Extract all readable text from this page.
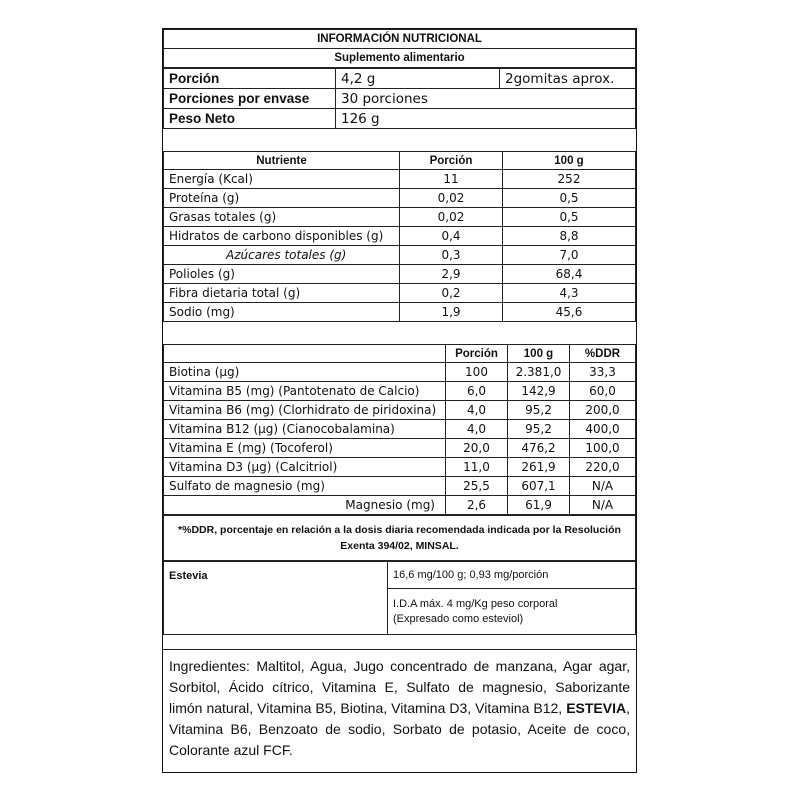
INFORMACIÓN NUTRICIONAL
Suplemento alimentario
Porción	4,2 g	2gomitas aprox.
Porciones por envase	30 porciones	
Peso Neto	126 g	
Nutriente	Porción	100 g
Energía (Kcal)	11	252
Proteína (g)	0,02	0,5
Grasas totales (g)	0,02	0,5
Hidratos de carbono disponibles (g)	0,4	8,8
Azúcares totales (g)	0,3	7,0
Polioles (g)	2,9	68,4
Fibra dietaria total (g)	0,2	4,3
Sodio (mg)	1,9	45,6
	Porción	100 g	%DDR
Biotina (µg)	100	2.381,0	33,3
Vitamina B5 (mg) (Pantotenato de Calcio)	6,0	142,9	60,0
Vitamina B6 (mg) (Clorhidrato de piridoxina)	4,0	95,2	200,0
Vitamina B12 (µg) (Cianocobalamina)	4,0	95,2	400,0
Vitamina E (mg) (Tocoferol)	20,0	476,2	100,0
Vitamina D3 (µg) (Calcitriol)	11,0	261,9	220,0
Sulfato de magnesio (mg)	25,5	607,1	N/A
Magnesio (mg)	2,6	61,9	N/A
*%DDR, porcentaje en relación a la dosis diaria recomendada indicada por la Resolución
Exenta 394/02, MINSAL.
Estevia	16,6 mg/100 g; 0,93 mg/porción
I.D.A máx. 4 mg/Kg peso corporal
(Expresado como esteviol)
Ingredientes: Maltitol, Agua, Jugo concentrado de manzana, Agar agar, Sorbitol, Ácido cítrico, Vitamina E, Sulfato de magnesio, Saborizante limón natural, Vitamina B5, Biotina, Vitamina D3, Vitamina B12, ESTEVIA, Vitamina B6, Benzoato de sodio, Sorbato de potasio, Aceite de coco, Colorante azul FCF.
